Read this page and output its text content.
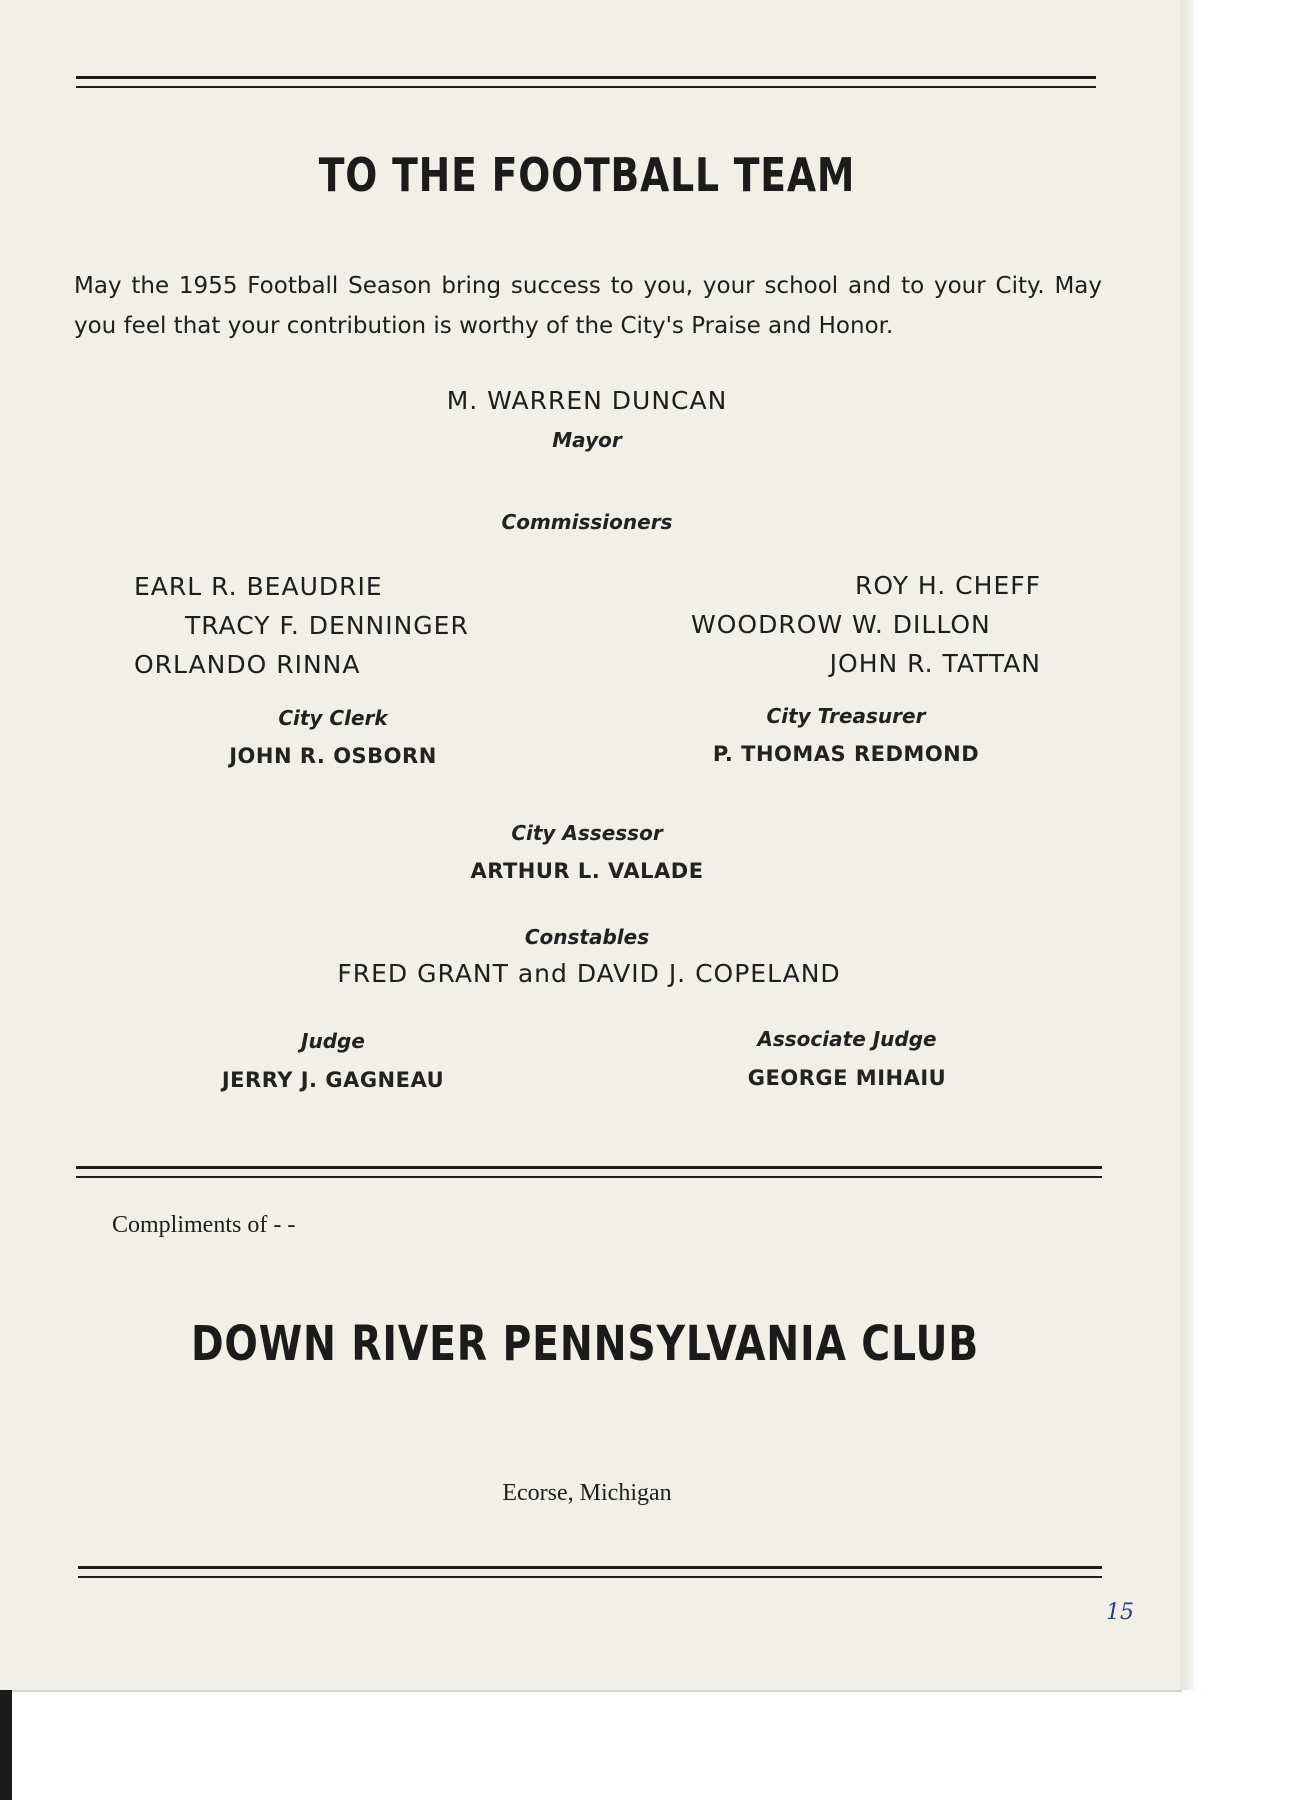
TO THE FOOTBALL TEAM
May the 1955 Football Season bring success to you, your school and to your City. May you feel that your contribution is worthy of the City's Praise and Honor.
M. WARREN DUNCAN
Mayor
Commissioners
EARL R. BEAUDRIE
TRACY F. DENNINGER
ORLANDO RINNA
ROY H. CHEFF
WOODROW W. DILLON
JOHN R. TATTAN
City Clerk
JOHN R. OSBORN
City Treasurer
P. THOMAS REDMOND
City Assessor
ARTHUR L. VALADE
Constables
FRED GRANT and DAVID J. COPELAND
Judge
JERRY J. GAGNEAU
Associate Judge
GEORGE MIHAIU
Compliments of - -
DOWN RIVER PENNSYLVANIA CLUB
Ecorse, Michigan
15
